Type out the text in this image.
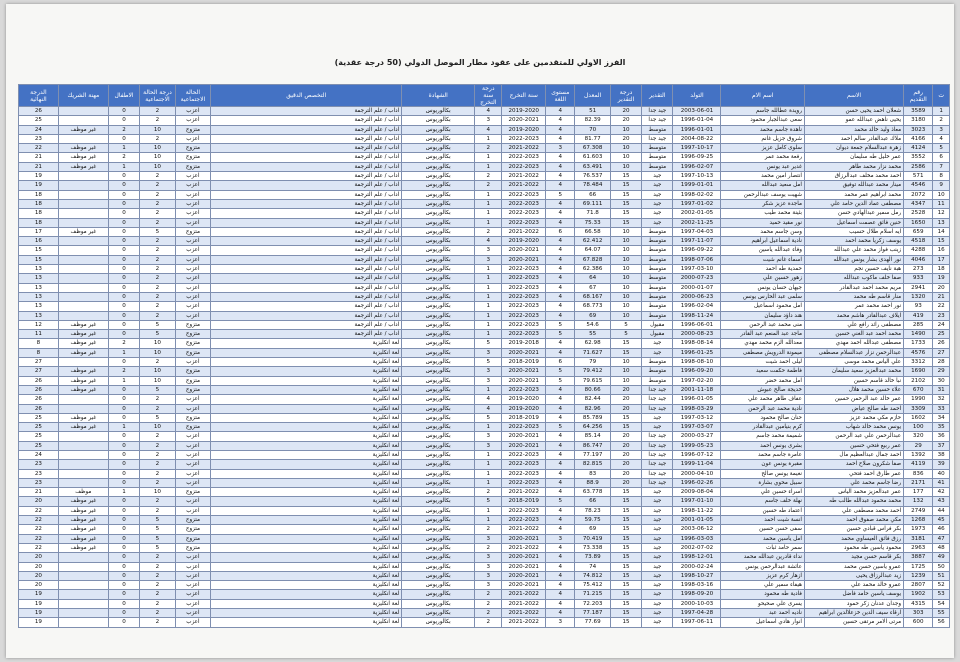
الفرز الاولي للمتقدمين على عقود مطار الموصل الدولي (50 درجة عقدية)
ت	رقم التقديم	الاسم	اسم الام	التولد	التقدير	درجة التقدير	المعدل	مستوى اللغة	سنة التخرج	درجة سنة التخرج	الشهادة	التخصص الدقيق	الحالة الاجتماعية	درجة الحالة الاجتماعية	الاطفال	مهنة الشريك	الدرجة النهائية
1	3589	شعلان احمد يحيى حسن	رويدة عطالله جاسم	2003-06-01	جيد جدا	20	51	4	2019-2020	4	بكالوريوس	اداب / علم الترجمة	اعزب	2	0		26
2	3180	يحيى ناهض عبدالله عمو	سعى عبدالجبار محمود	1996-01-04	جيد جدا	20	82.39	4	2020-2021	3	بكالوريوس	اداب / علم الترجمة	اعزب	2	0		25
3	3023	معاذ وليد خالد محمد	ناهدة جاسم محمد	1996-01-01	متوسط	10	70	4	2019-2020	4	بكالوريوس	اداب / علم الترجمة	متزوج	10	2	غير موظف	24
4	4166	ملاك عبدالقادر سالم احمد	شروق جزيل غانم	2004-08-22	جيد جدا	20	81.77	4	2022-2023	1	بكالوريوس	اداب / علم الترجمة	اعزب	2	0		23
5	4124	زهرة عبدالسلام جمعة ديوان	سلوى كامل عزيز	1997-10-17	متوسط	10	67.308	3	2021-2022	2	بكالوريوس	اداب / علم الترجمة	متزوج	10	1	غير موظف	22
6	3552	عمر خليل طه سليمان	رفعة محمد عمر	1996-09-25	متوسط	10	61.603	4	2022-2023	1	بكالوريوس	اداب / علم الترجمة	متزوج	10	2	غير موظف	21
7	2586	محمد نزار محمد طاهر	غدير عبد يونس	1996-02-07	متوسط	10	63.491	4	2022-2023	1	بكالوريوس	اداب / علم الترجمة	متزوج	10	1	غير موظف	21
8	571	احمد محمد مخلف عبدالرزاق	انتصار امين محمد	1997-10-13	جيد	15	76.537	4	2021-2022	2	بكالوريوس	اداب / علم الترجمة	اعزب	2	0		19
9	4546	مينار محمد عبدالله توفيق	امل سعيد عبدالله	1999-01-01	جيد	15	78.484	4	2021-2022	2	بكالوريوس	اداب / علم الترجمة	اعزب	2	0		19
10	2072	محمد ابراهيم عمر محمد	شهيت يوسف عبدالرحمن	1998-02-02	جيد	15	66	5	2022-2023	1	بكالوريوس	اداب / علم الترجمة	اعزب	2	0		18
11	4347	مصطفى عماد الدين حامد علي	ماجدة عزيز شكر	1997-01-02	جيد	15	69.111	4	2022-2023	1	بكالوريوس	اداب / علم الترجمة	اعزب	2	0		18
12	2528	رمل سمير عبدالهادي حسن	بثينة محمد طيب	2002-01-05	جيد	15	71.8	4	2022-2023	1	بكالوريوس	اداب / علم الترجمة	اعزب	2	0		18
13	1650	حنين فائق عصمت اسماعيل	نور مقيد حميد	2002-11-25	جيد	15	75.33	4	2022-2023	1	بكالوريوس	اداب / علم الترجمة	اعزب	2	0		18
14	659	ايه اسلام طلال حسيب	وسن جاسم محمد	1997-04-03	متوسط	10	66.58	6	2021-2022	2	بكالوريوس	اداب / علم الترجمة	متزوج	5	0	غير موظف	17
15	4518	يوسف زكريا محمد احمد	نادية اسماعيل ابراهيم	1997-11-07	متوسط	10	62.412	4	2019-2020	4	بكالوريوس	اداب / علم الترجمة	اعزب	2	0		16
16	4288	زينب فواز محمد علي عبدالله	وفاء عبدالله ياسين	1996-09-22	متوسط	10	64.07	4	2020-2021	3	بكالوريوس	اداب / علم الترجمة	اعزب	2	0		15
17	4046	نور الهدى بشار يونس عبدالله	اسماء غانم شيت	1998-07-06	متوسط	10	67.828	4	2020-2021	3	بكالوريوس	اداب / علم الترجمة	اعزب	2	0		15
18	273	هبة نايف حسين نجم	حمدية طه احمد	1997-03-10	متوسط	10	62.386	4	2022-2023	1	بكالوريوس	اداب / علم الترجمة	اعزب	2	0		13
19	933	صفا خلف ماكوب عبدالله	زهور حسين علي	2000-07-23	متوسط	10	64	4	2022-2023	1	بكالوريوس	اداب / علم الترجمة	اعزب	2	0		13
20	2941	مريم محمد احمد عبدالقادر	جيهان حسان يونس	2000-01-07	متوسط	10	67	4	2022-2023	1	بكالوريوس	اداب / علم الترجمة	اعزب	2	0		13
21	1320	منار قاسم طه محمد	سلمى عبد الحارس يونس	2000-06-23	متوسط	10	68.167	4	2022-2023	1	بكالوريوس	اداب / علم الترجمة	اعزب	2	0		13
22	93	نور احمد محمد عمر	امل محمود اسماعيل	1996-02-04	متوسط	10	68.773	4	2022-2023	1	بكالوريوس	اداب / علم الترجمة	اعزب	2	0		13
23	419	ايلاف عبدالقادر هاشم محمد	هند داؤد سليمان	1998-11-24	متوسط	10	69	4	2022-2023	1	بكالوريوس	اداب / علم الترجمة	اعزب	2	0		13
24	285	مصطفى رائد رافع علي	منى محمد عبد الرحمن	1996-06-01	مقبول	5	54.6	5	2022-2023	1	بكالوريوس	اداب / علم الترجمة	متزوج	5	0	غير موظف	12
25	1490	محمد احمد عبد الغني حسين	ماجد عبد المنعم عبد القادر	2000-08-23	مقبول	5	55	5	2022-2023	1	بكالوريوس	اداب / علم الترجمة	متزوج	5	0	غير موظف	11
26	1733	مصطفى عبدالله احمد مهدي	معدالله الزم محمد مهدي	1998-08-14	جيد	15	62.98	4	2019-2018	5	بكالوريوس	لغة انكليزية	متزوج	10	2	غير موظف	8
27	4576	عبدالرحمن نزار عبدالسلام مصطفى	ميمونة الدرويش مصطفى	1996-01-25	جيد	15	71.627	4	2020-2021	3	بكالوريوس	لغة انكليزية	متزوج	10	1	غير موظف	8
28	3312	علي الياس محمد موسى	ليلى احمد شيت	1998-08-10	متوسط	10	79	6	2018-2019	5	بكالوريوس	لغة انكليزية	اعزب	2	0		27
29	1690	محمد عبدالعزيز سعيد سليمان	فاطمة حكمت سعيد	1996-09-20	متوسط	10	79.412	5	2020-2021	3	بكالوريوس	لغة انكليزية	متزوج	10	2	غير موظف	27
30	2102	نبا خالد قاسم حسين	امل محمد خضر	1997-02-20	متوسط	10	79.615	5	2020-2021	3	بكالوريوس	لغة انكليزية	متزوج	10	1	غير موظف	26
31	670	علاء حسين محمد هلال	خديجة صالح عبوش	2001-11-18	جيد جدا	20	80.66	4	2022-2023	1	بكالوريوس	لغة انكليزية	متزوج	5	0	غير موظف	26
32	1990	عمر خالد عبد الرحمن حسين	عفاف طاهر محمد علي	1996-01-05	جيد جدا	20	82.44	4	2019-2020	4	بكالوريوس	لغة انكليزية	اعزب	2	0		26
33	3309	احمد طه صالح عياض	نادية محمد عبد الرحمن	1998-03-29	جيد جدا	20	82.96	4	2019-2020	4	بكالوريوس	لغة انكليزية	اعزب	2	0		26
34	1602	حازم مكي محمد عزيز	حنان صالح محمود	1997-03-12	جيد	15	85.789	4	2018-2019	5	بكالوريوس	لغة انكليزية	متزوج	5	0	غير موظف	25
35	100	يونس محمد خالد شهاب	كرم بنيامين عبدالقادر	1997-03-07	جيد	15	64.256	5	2022-2023	1	بكالوريوس	لغة انكليزية	متزوج	10	1	غير موظف	25
36	320	عبدالرحمن علي عبد الرحمن	شميمة محمد جاسم	2000-03-27	جيد جدا	20	85.14	4	2020-2021	3	بكالوريوس	لغة انكليزية	اعزب	2	0		25
37	29	عمر ربيع فتحي حسين	بشرى يونس احمد	1999-05-23	جيد جدا	20	86.747	4	2020-2021	3	بكالوريوس	لغة انكليزية	اعزب	2	0		25
38	1392	احمد جمال عبدالعظيم مال	عامرة جاسم محمد	1996-07-12	جيد جدا	20	77.197	4	2022-2023	1	بكالوريوس	لغة انكليزية	اعزب	2	0		24
39	4119	صفا شكرون صلاح احمد	مقبرة يونس عون	1999-11-04	جيد جدا	20	82.815	4	2022-2023	1	بكالوريوس	لغة انكليزية	اعزب	2	0		23
40	836	عمر طارق احمد فتحي	نغيمة يونس صالح	2000-04-10	جيد جدا	20	83	4	2022-2023	1	بكالوريوس	لغة انكليزية	اعزب	2	0		23
41	2171	رضا جاسم محمد علي	سبيل محوي بشارة	1996-02-26	جيد جدا	20	88.9	4	2022-2023	1	بكالوريوس	لغة انكليزية	اعزب	2	0		23
42	177	عمر عبدالعزيز محمد الياس	اسراء حسين علي	2009-08-04	جيد	15	63.778	4	2021-2022	2	بكالوريوس	لغة انكليزية	متزوج	10	1	موظف	21
43	132	محمد محمود عبدالله طالب طه	نهلة خلف جاسم	1997-01-10	جيد	15	66	5	2018-2019	5	بكالوريوس	لغة انكليزية	اعزب	2	0	غير موظف	20
44	2749	احمد محمد مصطفى علي	اعتماد طه حسين	1998-11-22	جيد	15	78.23	4	2022-2023	1	بكالوريوس	لغة انكليزية	اعزب	2	0	غير موظف	22
45	1268	مكي محمد صفوق احمد	انسة شيت احمد	2001-01-05	جيد	15	59.75	4	2022-2023	1	بكالوريوس	لغة انكليزية	متزوج	5	0	غير موظف	22
46	1973	بكر فراس قبادي حسين	سفى حسن حسين	2003-06-12	جيد	15	69	4	2021-2022	2	بكالوريوس	لغة انكليزية	متزوج	5	0	غير موظف	22
47	3181	رزق فائق العيساوي محمد	امل ياسين محمد	1996-03-03	جيد	15	70.419	3	2020-2021	3	بكالوريوس	لغة انكليزية	متزوج	5	0	غير موظف	22
48	2963	محمود ياسين طه محمود	سمر حامد ثبات	2002-07-02	جيد	15	73.338	4	2021-2022	2	بكالوريوس	لغة انكليزية	متزوج	5	0	غير موظف	22
49	3887	بكر قاسم حسن مجيد	نداء قادرين عبدالله محمد	1998-12-01	جيد	15	73.89	4	2020-2021	3	بكالوريوس	لغة انكليزية	اعزب	2	0		20
50	1725	عمرو ياسين حسن محمد	عائشة عبدالرحمن يونس	2000-02-24	جيد	15	74	4	2020-2021	3	بكالوريوس	لغة انكليزية	اعزب	2	0		20
51	1239	زيد عبدالرزاق يحيى	ازهار كرم عزيز	1998-10-27	جيد	15	74.812	4	2020-2021	3	بكالوريوس	لغة انكليزية	اعزب	2	0		20
52	2807	عمرو خالد محمد علي	هيفاء سمير علي	1998-03-16	جيد	15	75.412	4	2020-2021	3	بكالوريوس	لغة انكليزية	اعزب	2	0		20
53	1902	يوسف ياسين حامد فاضل	فادية طه محمود	1998-09-20	جيد	15	71.215	4	2021-2022	2	بكالوريوس	لغة انكليزية	اعزب	2	0		19
54	4315	وجدان عدنان زكر حمود	يسرى علي صحيحو	2000-10-03	جيد	15	72.203	4	2021-2022	2	بكالوريوس	لغة انكليزية	اعزب	2	0		19
55	303	ارقاء سيف الدين خزعلالدين ابراهيم	ناديه احمد عبد	1997-04-28	جيد	15	77.187	4	2021-2022	2	بكالوريوس	لغة انكليزية	اعزب	2	0		19
56	600	مرتى الامر مرتقى حسين	انوار هادي اسماعيل	1997-06-11	جيد	15	77.69	3	2021-2022	2	بكالوريوس	لغة انكليزية	اعزب	2	0		19
